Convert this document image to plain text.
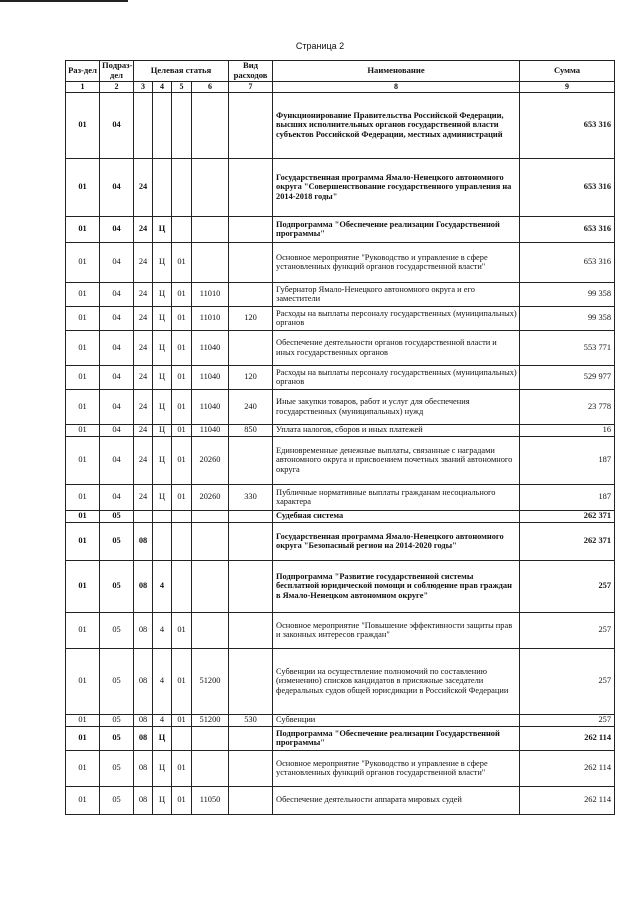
Страница 2
Раз-дел	Подраз-дел	Целевая статья				Вид расходов	Наименование	Сумма
1	2	3	4	5	6	7	8	9
01	04						Функционирование Правительства Российской Федерации, высших исполнительных органов государственной власти субъектов Российской Федерации, местных администраций	653 316
01	04	24					Государственная программа Ямало-Ненецкого автономного округа "Совершенствование государственного управления на 2014-2018 годы"	653 316
01	04	24	Ц				Подпрограмма "Обеспечение реализации Государственной программы"	653 316
01	04	24	Ц	01			Основное мероприятие "Руководство и управление в сфере установленных функций органов государственной власти"	653 316
01	04	24	Ц	01	11010		Губернатор Ямало-Ненецкого автономного округа и его заместители	99 358
01	04	24	Ц	01	11010	120	Расходы на выплаты персоналу государственных (муниципальных) органов	99 358
01	04	24	Ц	01	11040		Обеспечение деятельности органов государственной власти и иных государственных органов	553 771
01	04	24	Ц	01	11040	120	Расходы на выплаты персоналу государственных (муниципальных) органов	529 977
01	04	24	Ц	01	11040	240	Иные закупки товаров, работ и услуг для обеспечения государственных (муниципальных) нужд	23 778
01	04	24	Ц	01	11040	850	Уплата налогов, сборов и иных платежей	16
01	04	24	Ц	01	20260		Единовременные денежные выплаты, связанные с наградами автономного округа и присвоением почетных званий автономного округа	187
01	04	24	Ц	01	20260	330	Публичные нормативные выплаты гражданам несоциального характера	187
01	05						Судебная система	262 371
01	05	08					Государственная программа Ямало-Ненецкого автономного округа "Безопасный регион на 2014-2020 годы"	262 371
01	05	08	4				Подпрограмма "Развитие государственной системы бесплатной юридической помощи и соблюдение прав граждан в Ямало-Ненецком автономном округе"	257
01	05	08	4	01			Основное мероприятие "Повышение эффективности защиты прав и законных интересов граждан"	257
01	05	08	4	01	51200		Субвенции на осуществление полномочий по составлению (изменению) списков кандидатов в присяжные заседатели федеральных судов общей юрисдикции в Российской Федерации	257
01	05	08	4	01	51200	530	Субвенции	257
01	05	08	Ц				Подпрограмма "Обеспечение реализации Государственной программы"	262 114
01	05	08	Ц	01			Основное мероприятие "Руководство и управление в сфере установленных функций органов государственной власти"	262 114
01	05	08	Ц	01	11050		Обеспечение деятельности аппарата мировых судей	262 114
